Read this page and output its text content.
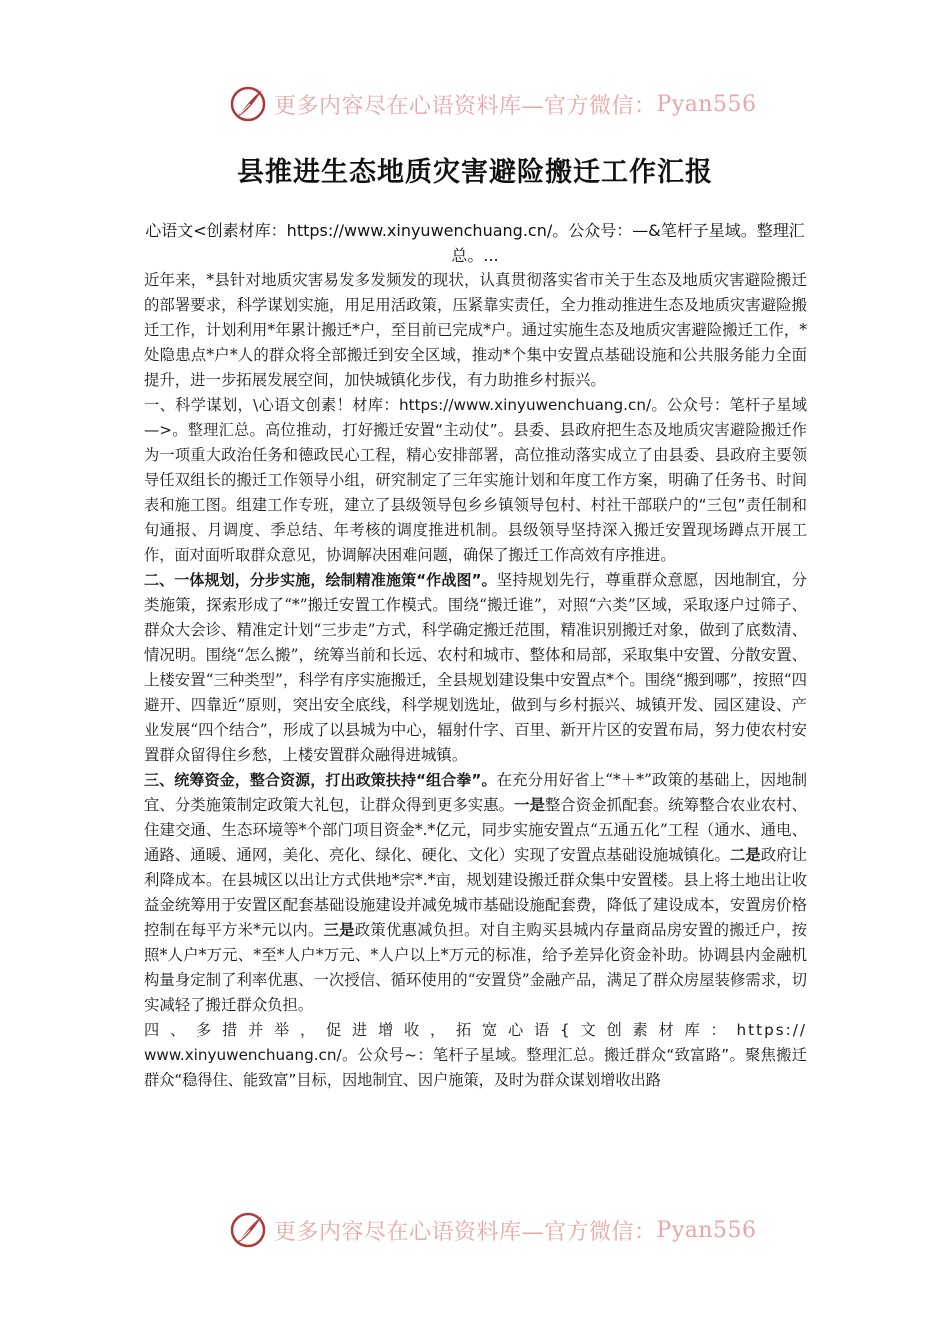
更多内容尽在心语资料库—官方微信： Pyan556
县推进生态地质灾害避险搬迁工作汇报
心语文<创素材库：https://www.xinyuwenchuang.cn/。公众号：—&笔杆子星域。整理汇总。...

近年来，*县针对地质灾害易发多发频发的现状，认真贯彻落实省市关于生态及地质灾害避险搬迁的部署要求，科学谋划实施，用足用活政策，压紧靠实责任，全力推动推进生态及地质灾害避险搬迁工作，计划利用*年累计搬迁*户，至目前已完成*户。通过实施生态及地质灾害避险搬迁工作，*处隐患点*户*人的群众将全部搬迁到安全区域，推动*个集中安置点基础设施和公共服务能力全面提升，进一步拓展发展空间，加快城镇化步伐，有力助推乡村振兴。

一、科学谋划，\心语文创素！材库：https://www.xinyuwenchuang.cn/。公众号：笔杆子星域—>。整理汇总。高位推动，打好搬迁安置“主动仗”。县委、县政府把生态及地质灾害避险搬迁作为一项重大政治任务和德政民心工程，精心安排部署，高位推动落实成立了由县委、县政府主要领导任双组长的搬迁工作领导小组，研究制定了三年实施计划和年度工作方案，明确了任务书、时间表和施工图。组建工作专班，建立了县级领导包乡乡镇领导包村、村社干部联户的“三包”责任制和旬通报、月调度、季总结、年考核的调度推进机制。县级领导坚持深入搬迁安置现场蹲点开展工作，面对面听取群众意见，协调解决困难问题，确保了搬迁工作高效有序推进。

二、一体规划，分步实施，绘制精准施策“作战图”。坚持规划先行，尊重群众意愿，因地制宜，分类施策，探索形成了“*”搬迁安置工作模式。围绕“搬迁谁”，对照“六类”区域，采取逐户过筛子、群众大会诊、精准定计划“三步走”方式，科学确定搬迁范围，精准识别搬迁对象，做到了底数清、情况明。围绕“怎么搬”，统筹当前和长远、农村和城市、整体和局部，采取集中安置、分散安置、上楼安置“三种类型”，科学有序实施搬迁，全县规划建设集中安置点*个。围绕“搬到哪”，按照“四避开、四靠近”原则，突出安全底线，科学规划选址，做到与乡村振兴、城镇开发、园区建设、产业发展“四个结合”，形成了以县城为中心，辐射什字、百里、新开片区的安置布局，努力使农村安置群众留得住乡愁，上楼安置群众融得进城镇。

三、统筹资金，整合资源，打出政策扶持“组合拳”。在充分用好省上“*＋*”政策的基础上，因地制宜、分类施策制定政策大礼包，让群众得到更多实惠。一是整合资金抓配套。统筹整合农业农村、住建交通、生态环境等*个部门项目资金*.*亿元，同步实施安置点“五通五化”工程（通水、通电、通路、通暖、通网，美化、亮化、绿化、硬化、文化）实现了安置点基础设施城镇化。二是政府让利降成本。在县城区以出让方式供地*宗*.*亩，规划建设搬迁群众集中安置楼。县上将土地出让收益金统筹用于安置区配套基础设施建设并减免城市基础设施配套费，降低了建设成本，安置房价格控制在每平方米*元以内。三是政策优惠减负担。对自主购买县城内存量商品房安置的搬迁户，按照*人户*万元、*至*人户*万元、*人户以上*万元的标准，给予差异化资金补助。协调县内金融机构量身定制了利率优惠、一次授信、循环使用的“安置贷”金融产品，满足了群众房屋装修需求，切实减轻了搬迁群众负担。

四、多措并举，促进增收，拓宽心语{文创素材库：https://

www.xinyuwenchuang.cn/。公众号~：笔杆子星域。整理汇总。搬迁群众“致富路”。聚焦搬迁群众“稳得住、能致富”目标，因地制宜、因户施策，及时为群众谋划增收出路

更多内容尽在心语资料库—官方微信： Pyan556
